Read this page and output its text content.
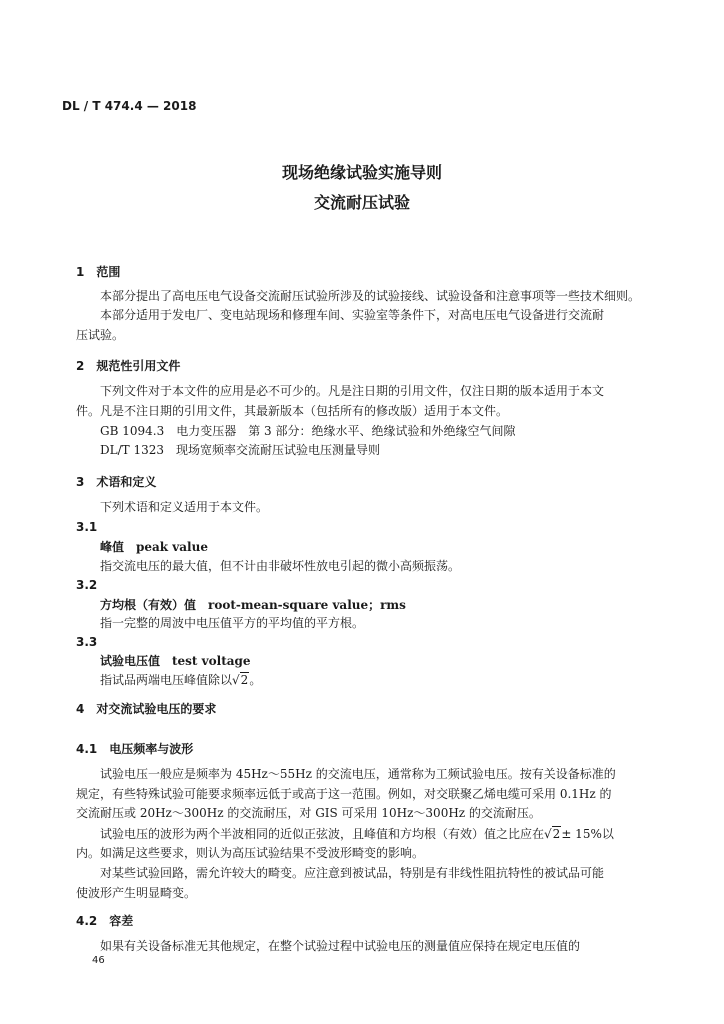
DL / T 474.4 — 2018
现场绝缘试验实施导则
交流耐压试验
1　范围
本部分提出了高电压电气设备交流耐压试验所涉及的试验接线、试验设备和注意事项等一些技术细则。
本部分适用于发电厂、变电站现场和修理车间、实验室等条件下，对高电压电气设备进行交流耐
压试验。
2　规范性引用文件
下列文件对于本文件的应用是必不可少的。凡是注日期的引用文件，仅注日期的版本适用于本文
件。凡是不注日期的引用文件，其最新版本（包括所有的修改版）适用于本文件。
GB 1094.3　电力变压器　第 3 部分：绝缘水平、绝缘试验和外绝缘空气间隙
DL/T 1323　现场宽频率交流耐压试验电压测量导则
3　术语和定义
下列术语和定义适用于本文件。
3.1
峰值　peak value
指交流电压的最大值，但不计由非破坏性放电引起的微小高频振荡。
3.2
方均根（有效）值　root-mean-square value；rms
指一完整的周波中电压值平方的平均值的平方根。
3.3
试验电压值　test voltage
指试品两端电压峰值除以√2。
4　对交流试验电压的要求
4.1　电压频率与波形
试验电压一般应是频率为 45Hz～55Hz 的交流电压，通常称为工频试验电压。按有关设备标准的
规定，有些特殊试验可能要求频率远低于或高于这一范围。例如，对交联聚乙烯电缆可采用 0.1Hz 的
交流耐压或 20Hz～300Hz 的交流耐压，对 GIS 可采用 10Hz～300Hz 的交流耐压。
试验电压的波形为两个半波相同的近似正弦波，且峰值和方均根（有效）值之比应在√2± 15%以
内。如满足这些要求，则认为高压试验结果不受波形畸变的影响。
对某些试验回路，需允许较大的畸变。应注意到被试品，特别是有非线性阻抗特性的被试品可能
使波形产生明显畸变。
4.2　容差
如果有关设备标准无其他规定，在整个试验过程中试验电压的测量值应保持在规定电压值的
46
